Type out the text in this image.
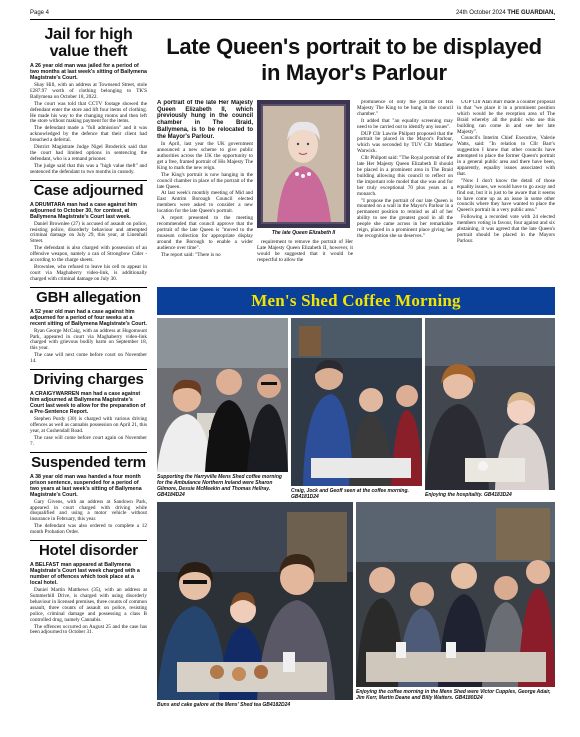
Page 4	24th October 2024 THE GUARDIAN,
Jail for high value theft

A 26 year old man was jailed for a period of two months at last week's sitting of Ballymena Magistrate's Court.

Shay Hill, with an address at Townsend Street, stole £287.97 worth of clothing belonging to TK'S Ballymena on October 18, 2022.

The court was told that CCTV footage showed the defendant enter the store and lift four items of clothing. He made his way to the changing rooms and then left the store without making payment for the items.

The defendant made a "full admission" and it was acknowledged by the defence that their client had breached a deferral.

District Magistrate Judge Nigel Broderick said that the court had limited options in sentencing the defendant, who is a remand prisoner.

The judge said that this was a "high value theft" and sentenced the defendant to two months in custody.

Case adjourned

A DRUMTARA man had a case against him adjourned to October 30, for contest, at Ballymena Magistrate's Court last week.

Daniel Brownlee (27) is accused of assault on police, resisting police, disorderly behaviour and attempted criminal damage on July 29, this year, at Linenhall Street.

The defendant is also charged with possession of an offensive weapon, namely a can of Strongbow Cider - according to the charge sheets.

Brownlee, who refused to leave his cell to appear in court via Maghaberry video-link, is additionally charged with criminal damage on July 30.

GBH allegation

A 52 year old man had a case against him adjourned for a period of four weeks at a recent sitting of Ballymena Magistrate's Court.

Ryan George McCaig, with an address at Hugomount Park, appeared in court via Maghaberry video-link charged with grievous bodily harm on September 18, this year.

The case will next come before court on November 14.

Driving charges

A CRAIGYWARREN man had a case against him adjourned at Ballymena Magistrate's Court last week to allow for the preparation of a Pre-Sentence Report.

Stephen Purdy (30) is charged with various driving offences as well as cannabis possession on April 21, this year, at Cushendall Road.

The case will come before court again on November 7.

Suspended term

A 38 year old man was handed a four month prison sentence, suspended for a period of two years at last week's sitting of Ballymena Magistrate's Court.

Gary Givens, with an address at Sandown Park, appeared in court charged with driving while disqualified and using a motor vehicle without insurance in February, this year.

The defendant was also ordered to complete a 12 month Probation Order.

Hotel disorder

A BELFAST man appeared at Ballymena Magistrate's Court last week charged with a number of offences which took place at a local hotel.

Daniel Martin Matthews (35), with an address at Summerhill Drive, is charged with using disorderly behaviour in licensed premises, three counts of common assault, three counts of assault on police, resisting police, criminal damage and possessing a class B controlled drug, namely Cannabis.

The offences occurred on August 25 and the case has been adjourned to October 31.

Late Queen's portrait to be displayed in Mayor's Parlour

A portrait of the late Her Majesty Queen Elizabeth II, which previously hung in the council chamber in The Braid, Ballymena, is to be relocated to the Mayor's Parlour.

In April, last year the UK government announced a new scheme to give public authorities across the UK the opportunity to get a free, framed portrait of His Majesty The King to mark the new reign.

The King's portrait is now hanging in the council chamber in place of the portrait of the late Queen.

At last week's monthly meeting of Mid and East Antrim Borough Council elected members were asked to consider a new location for the late Queen's portrait.

A report presented to the meeting recommended that council approve that the portrait of the late Queen is "moved to the museum collection for appropriate display around the Borough to enable a wider audience over time".

The report said: "There is no

requirement to remove the portrait of Her Late Majesty Queen Elizabeth II, however, it would be suggested that it would be respectful to allow the

prominence of only the portrait of His Majesty The King to be hung in the council chamber."

It added that "an equality screening may need to be carried out to identify any issues".

DUP Cllr Lawrie Philpott proposed that the portrait be placed in the Mayor's Parlour, which was seconded by TUV Cllr Matthew Warwick.

Cllr Philpott said: "The Royal portrait of the late Her Majesty Queen Elizabeth II should be placed in a prominent area in The Braid building allowing this council to reflect on the important role model that she was and for her truly exceptional 70 plus years as a monarch.

"I propose the portrait of our late Queen is mounted on a wall in the Mayor's Parlour in a permanent position to remind us all of her ability to see the greatest good in all the people she came across in her remarkable reign, placed in a prominent place giving her the recognition she so deserves."

UUP Cllr Alan Barr made a counter proposal in that "we place it in a prominent position which would be the reception area of The Braid whereby all the public who use this building can come in and see her late Majesty".

Council's Interim Chief Executive, Valerie Watts, said: "In relation to Cllr Barr's suggestion I know that other councils have attempted to place the former Queen's portrait in a general public area and there have been, apparently, equality issues associated with that.

"Now I don't know the detail of those equality issues, we would have to go away and find out, but it is just to be aware that it seems to have come up as an issue in some other councils where they have wanted to place the Queen's portrait in a very public area."

Following a recorded vote with 24 elected members voting in favour, four against and six abstaining, it was agreed that the late Queen's portrait should be placed in the Mayors Parlour.

The late Queen Elizabeth II
Men's Shed Coffee Morning
Supporting the Harryville Mens Shed coffee morning for the Ambulance Northern Ireland were Sharon Gilmore, Dessie McMeekin and Thomas Hellray. GB4184D24
Craig, Jock and Geoff seen at the coffee morning. GB4181D24	Enjoying the hospitality. GB4183D24
Buns and cake galore at the Mens' Shed tea GB4182D24
Enjoying the coffee morning in the Mens Shed were Victor Cupples, George Adair, Jim Kerr, Martin Deane and Billy Watters. GB4180D24
